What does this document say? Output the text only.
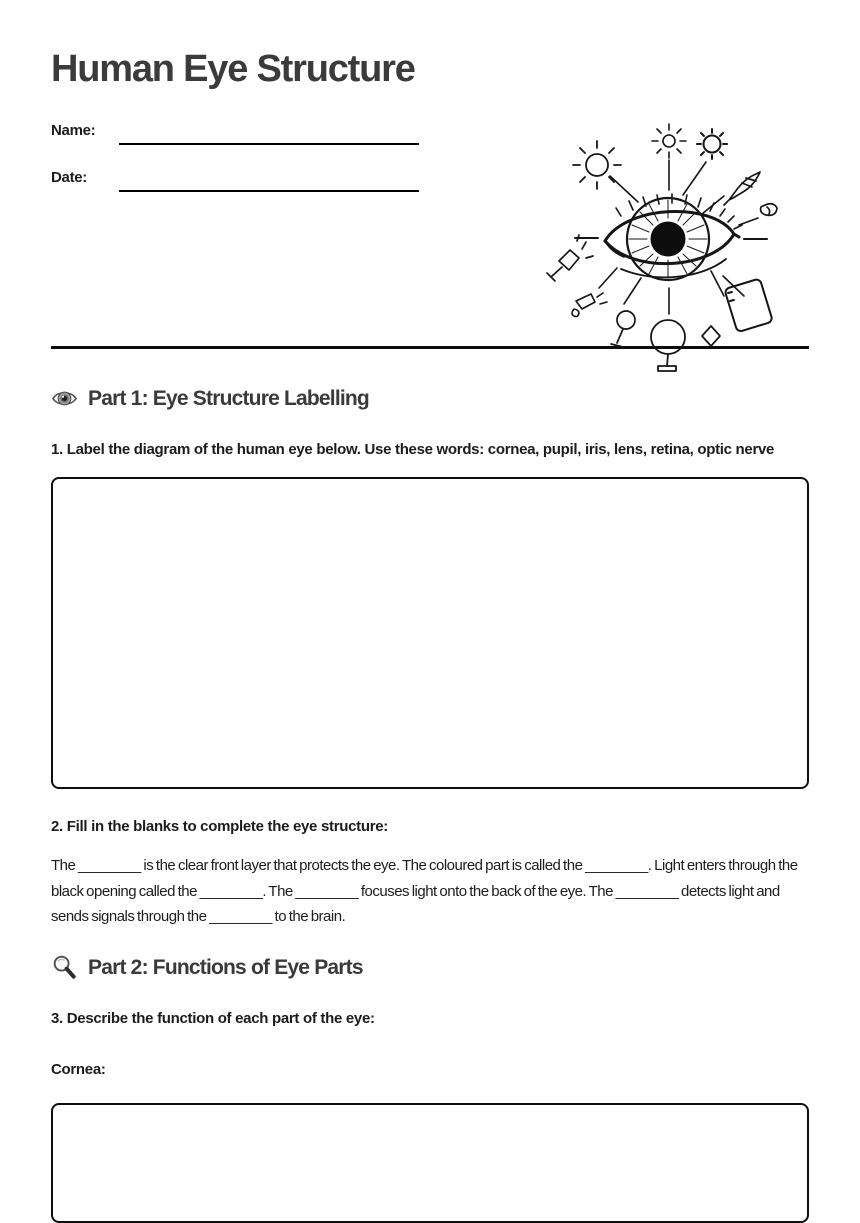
Human Eye Structure
Name:
Date:
Part 1: Eye Structure Labelling

1. Label the diagram of the human eye below. Use these words: cornea, pupil, iris, lens, retina, optic nerve

2. Fill in the blanks to complete the eye structure:

The ________ is the clear front layer that protects the eye. The coloured part is called the ________. Light enters through the black opening called the ________. The ________ focuses light onto the back of the eye. The ________ detects light and sends signals through the ________ to the brain.

Part 2: Functions of Eye Parts

3. Describe the function of each part of the eye:

Cornea:
